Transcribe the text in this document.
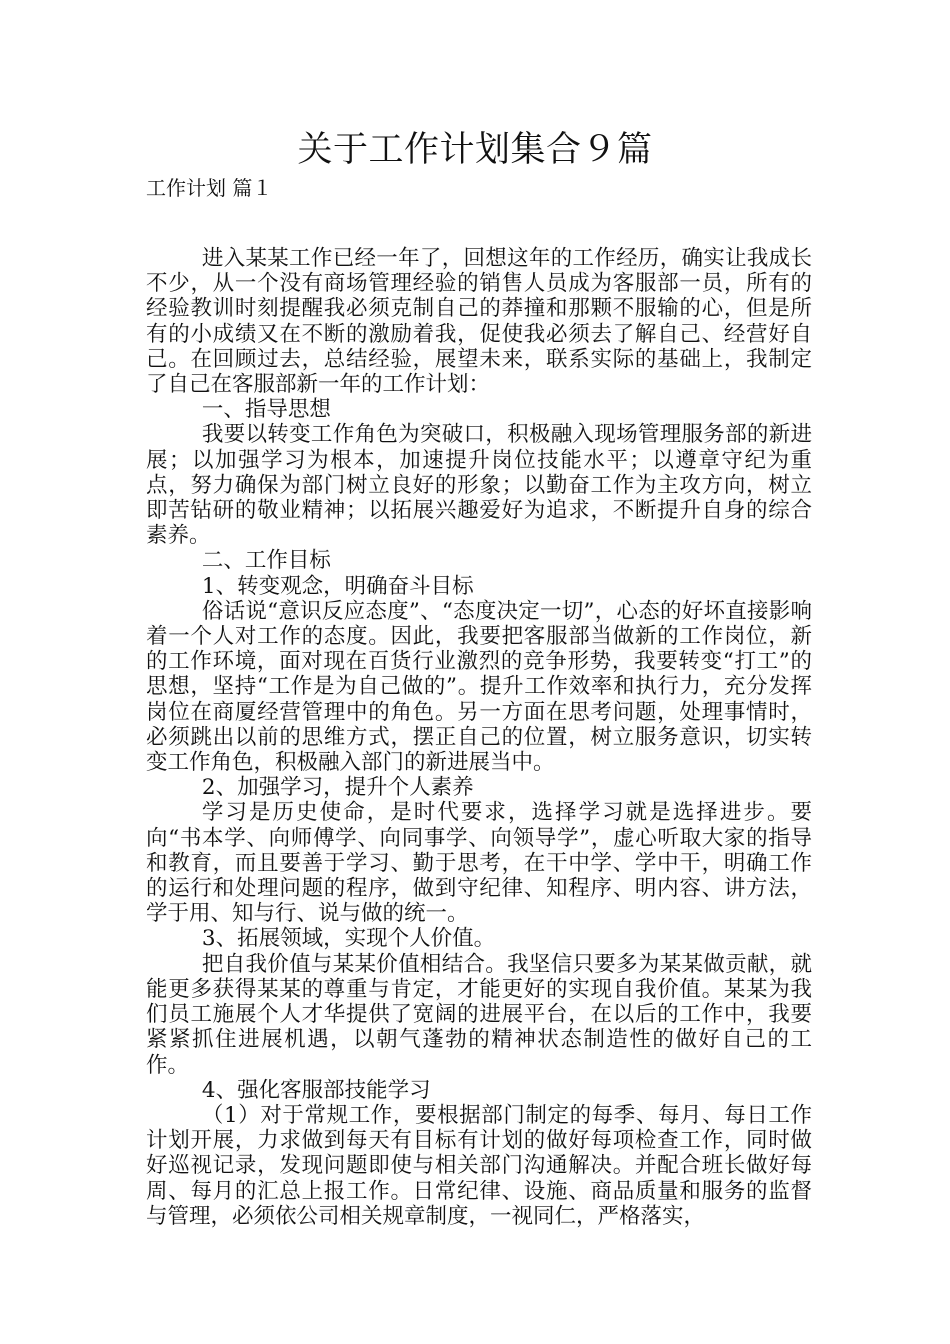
关于工作计划集合９篇
工作计划 篇１

进入某某工作已经一年了，回想这年的工作经历，确实让我成长不少，从一个没有商场管理经验的销售人员成为客服部一员，所有的经验教训时刻提醒我必须克制自己的莽撞和那颗不服输的心，但是所有的小成绩又在不断的激励着我，促使我必须去了解自己、经营好自己。在回顾过去，总结经验，展望未来，联系实际的基础上，我制定了自己在客服部新一年的工作计划：

一、指导思想

我要以转变工作角色为突破口，积极融入现场管理服务部的新进展；以加强学习为根本，加速提升岗位技能水平；以遵章守纪为重点，努力确保为部门树立良好的形象；以勤奋工作为主攻方向，树立即苦钻研的敬业精神；以拓展兴趣爱好为追求，不断提升自身的综合素养。

二、工作目标

1、转变观念，明确奋斗目标

俗话说“意识反应态度”、“态度决定一切”，心态的好坏直接影响着一个人对工作的态度。因此，我要把客服部当做新的工作岗位，新的工作环境，面对现在百货行业激烈的竞争形势，我要转变“打工”的思想，坚持“工作是为自己做的”。提升工作效率和执行力，充分发挥岗位在商厦经营管理中的角色。另一方面在思考问题，处理事情时，必须跳出以前的思维方式，摆正自己的位置，树立服务意识，切实转变工作角色，积极融入部门的新进展当中。

2、加强学习，提升个人素养

学习是历史使命，是时代要求，选择学习就是选择进步。要向“书本学、向师傅学、向同事学、向领导学”，虚心听取大家的指导和教育，而且要善于学习、勤于思考，在干中学、学中干，明确工作的运行和处理问题的程序，做到守纪律、知程序、明内容、讲方法，学于用、知与行、说与做的统一。

3、拓展领域，实现个人价值。

把自我价值与某某价值相结合。我坚信只要多为某某做贡献，就能更多获得某某的尊重与肯定，才能更好的实现自我价值。某某为我们员工施展个人才华提供了宽阔的进展平台，在以后的工作中，我要紧紧抓住进展机遇，以朝气蓬勃的精神状态制造性的做好自己的工作。

4、强化客服部技能学习

（1）对于常规工作，要根据部门制定的每季、每月、每日工作计划开展，力求做到每天有目标有计划的做好每项检查工作，同时做好巡视记录，发现问题即使与相关部门沟通解决。并配合班长做好每周、每月的汇总上报工作。日常纪律、设施、商品质量和服务的监督与管理，必须依公司相关规章制度，一视同仁，严格落实，
